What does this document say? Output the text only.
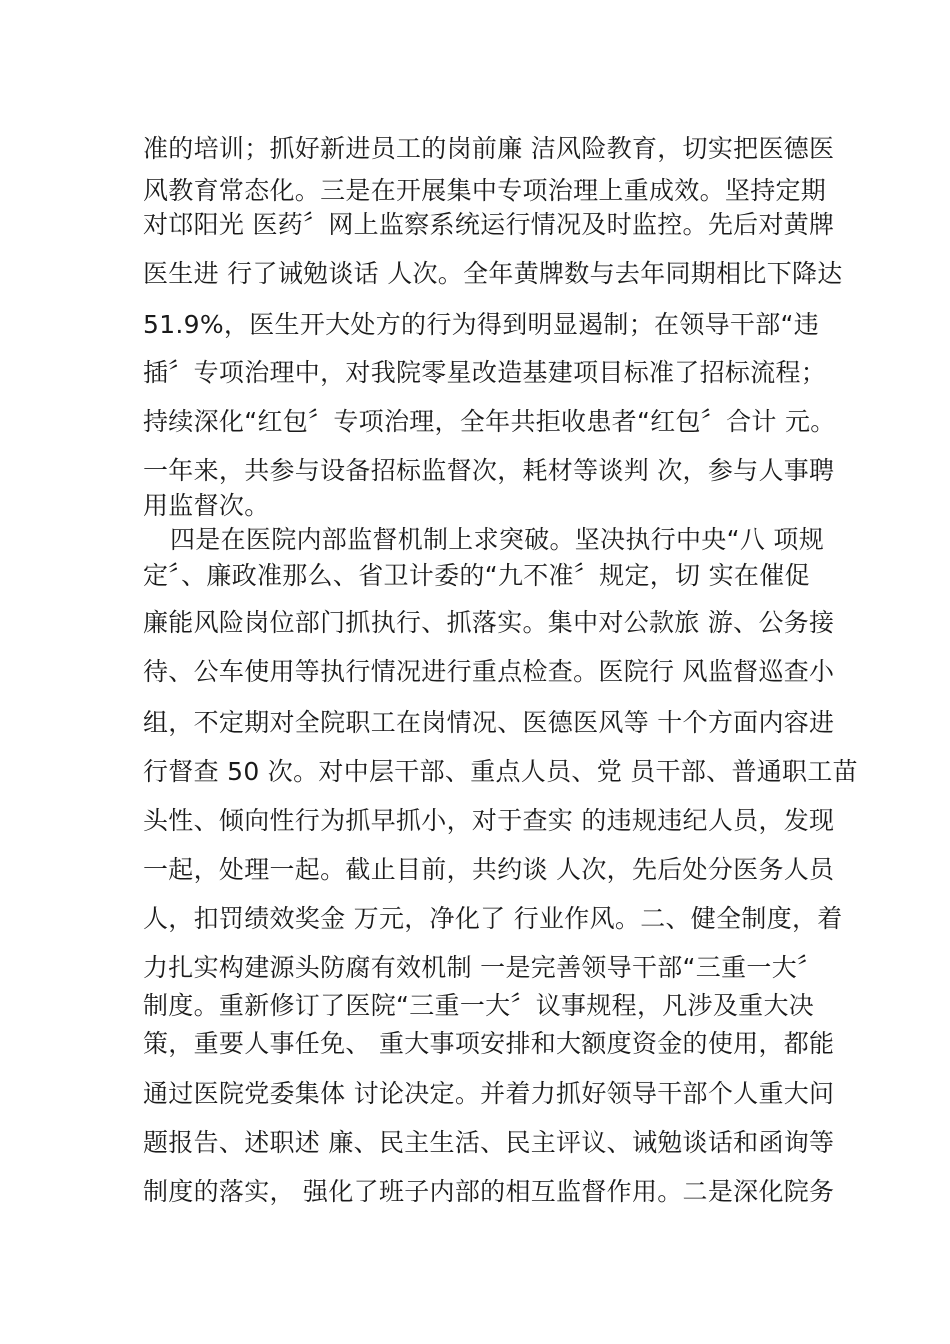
准的培训；抓好新进员工的岗前廉 洁风险教育，切实把医德医
风教育常态化。三是在开展集中专项治理上重成效。坚持定期
对邙阳光 医药〞网上监察系统运行情况及时监控。先后对黄牌
医生进 行了诫勉谈话 人次。全年黄牌数与去年同期相比下降达
51.9%，医生开大处方的行为得到明显遏制；在领导干部“违
插〞专项治理中，对我院零星改造基建项目标准了招标流程；
持续深化“红包〞专项治理，全年共拒收患者“红包〞合计 元。
一年来，共参与设备招标监督次，耗材等谈判 次，参与人事聘
用监督次。
四是在医院内部监督机制上求突破。坚决执行中央“八 项规
定〞、廉政准那么、省卫计委的“九不准〞规定，切 实在催促
廉能风险岗位部门抓执行、抓落实。集中对公款旅 游、公务接
待、公车使用等执行情况进行重点检查。医院行 风监督巡查小
组，不定期对全院职工在岗情况、医德医风等 十个方面内容进
行督查 50 次。对中层干部、重点人员、党 员干部、普通职工苗
头性、倾向性行为抓早抓小，对于查实 的违规违纪人员，发现
一起，处理一起。截止目前，共约谈 人次，先后处分医务人员
人，扣罚绩效奖金 万元，净化了 行业作风。二、健全制度，着
力扎实构建源头防腐有效机制 一是完善领导干部“三重一大〞
制度。重新修订了医院“三重一大〞议事规程，凡涉及重大决
策，重要人事任免、 重大事项安排和大额度资金的使用，都能
通过医院党委集体 讨论决定。并着力抓好领导干部个人重大问
题报告、述职述 廉、民主生活、民主评议、诫勉谈话和函询等
制度的落实， 强化了班子内部的相互监督作用。二是深化院务
